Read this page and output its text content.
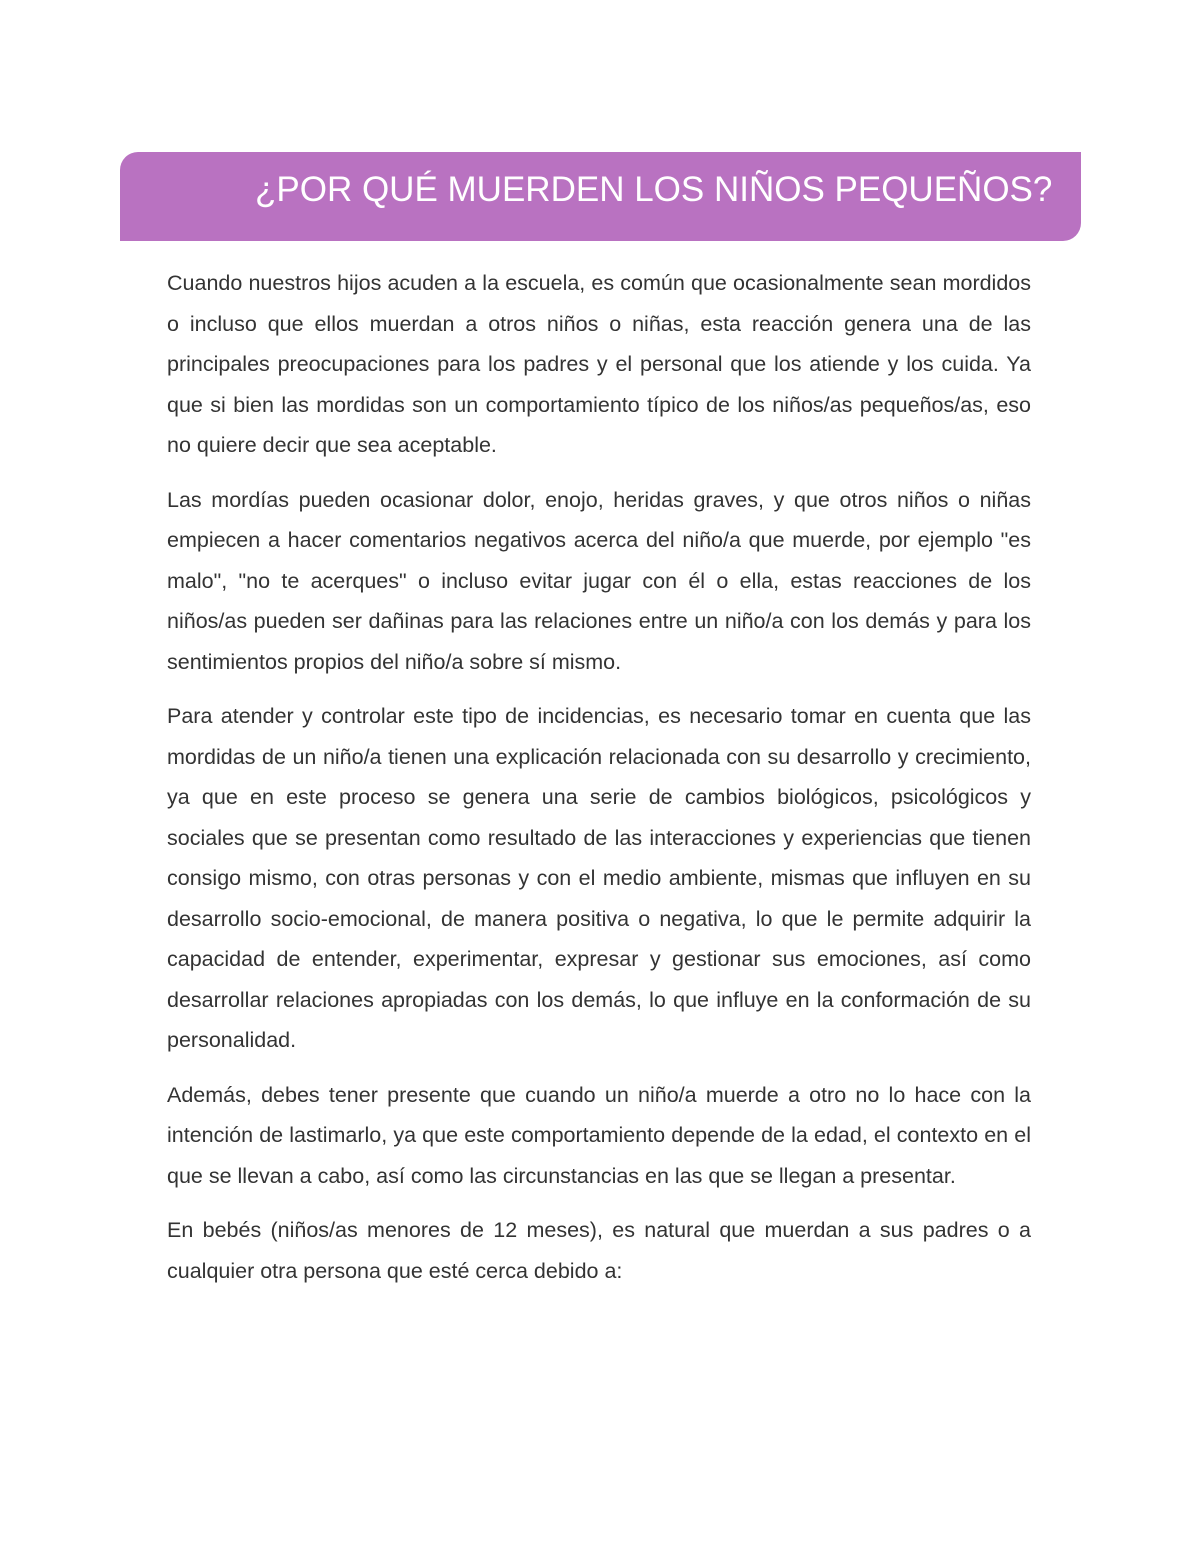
¿POR QUÉ MUERDEN LOS NIÑOS PEQUEÑOS?

Cuando nuestros hijos acuden a la escuela, es común que ocasionalmente sean mordidos o incluso que ellos muerdan a otros niños o niñas, esta reacción genera una de las principales preocupaciones para los padres y el personal que los atiende y los cuida. Ya que si bien las mordidas son un comportamiento típico de los niños/as pequeños/as, eso no quiere decir que sea aceptable.

Las mordías pueden ocasionar dolor, enojo, heridas graves, y que otros niños o niñas empiecen a hacer comentarios negativos acerca del niño/a que muerde, por ejemplo "es malo", "no te acerques" o incluso evitar jugar con él o ella, estas reacciones de los niños/as pueden ser dañinas para las relaciones entre un niño/a con los demás y para los sentimientos propios del niño/a sobre sí mismo.

Para atender y controlar este tipo de incidencias, es necesario tomar en cuenta que las mordidas de un niño/a tienen una explicación relacionada con su desarrollo y crecimiento, ya que en este proceso se genera una serie de cambios biológicos, psicológicos y sociales que se presentan como resultado de las interacciones y experiencias que tienen consigo mismo, con otras personas y con el medio ambiente, mismas que influyen en su desarrollo socio-emocional, de manera positiva o negativa, lo que le permite adquirir la capacidad de entender, experimentar, expresar y gestionar sus emociones, así como desarrollar relaciones apropiadas con los demás, lo que influye en la conformación de su personalidad.

Además, debes tener presente que cuando un niño/a muerde a otro no lo hace con la intención de lastimarlo, ya que este comportamiento depende de la edad, el contexto en el que se llevan a cabo, así como las circunstancias en las que se llegan a presentar.

En bebés (niños/as menores de 12 meses), es natural que muerdan a sus padres o a cualquier otra persona que esté cerca debido a:
